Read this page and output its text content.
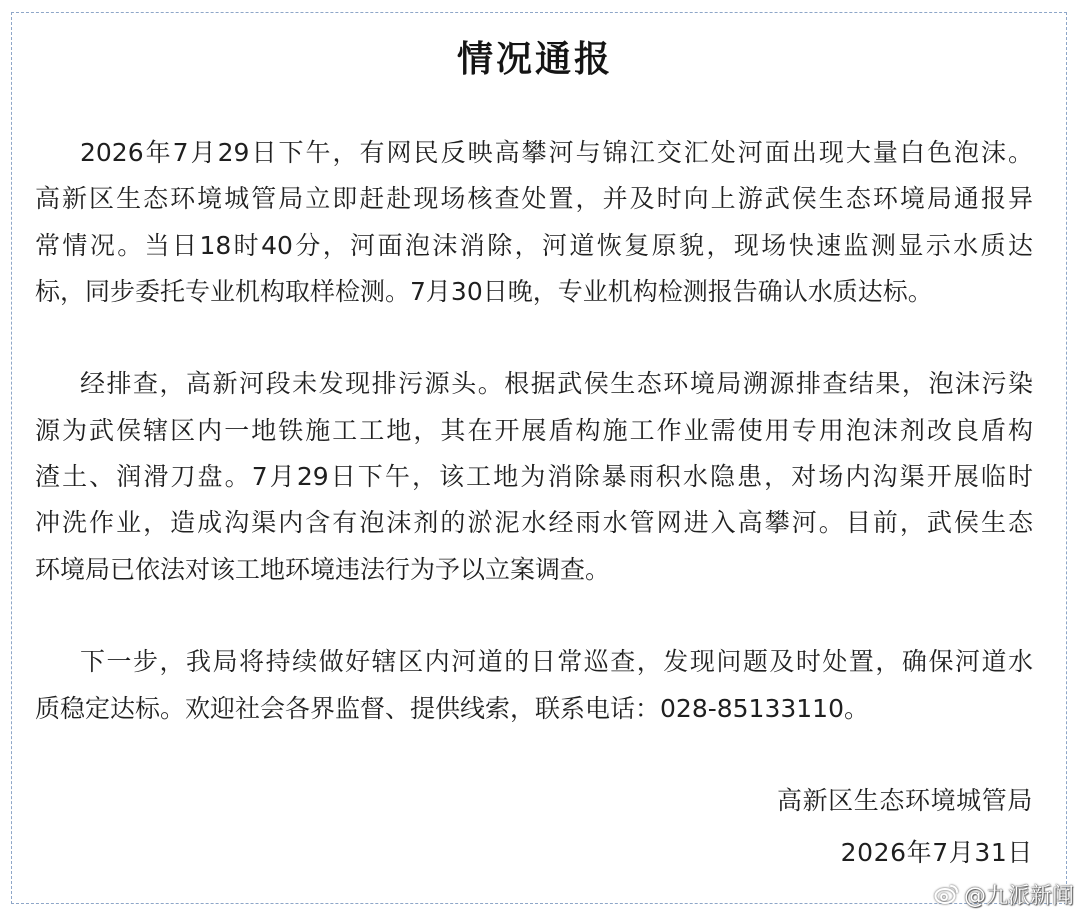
情况通报
2026年7月29日下午，有网民反映高攀河与锦江交汇处河面出现大量白色泡沫。
高新区生态环境城管局立即赶赴现场核查处置，并及时向上游武侯生态环境局通报异
常情况。当日18时40分，河面泡沫消除，河道恢复原貌，现场快速监测显示水质达
标，同步委托专业机构取样检测。7月30日晚，专业机构检测报告确认水质达标。
经排查，高新河段未发现排污源头。根据武侯生态环境局溯源排查结果，泡沫污染
源为武侯辖区内一地铁施工工地，其在开展盾构施工作业需使用专用泡沫剂改良盾构
渣土、润滑刀盘。7月29日下午，该工地为消除暴雨积水隐患，对场内沟渠开展临时
冲洗作业，造成沟渠内含有泡沫剂的淤泥水经雨水管网进入高攀河。目前，武侯生态
环境局已依法对该工地环境违法行为予以立案调查。
下一步，我局将持续做好辖区内河道的日常巡查，发现问题及时处置，确保河道水
质稳定达标。欢迎社会各界监督、提供线索，联系电话：028-85133110。
高新区生态环境城管局
2026年7月31日
@九派新闻
